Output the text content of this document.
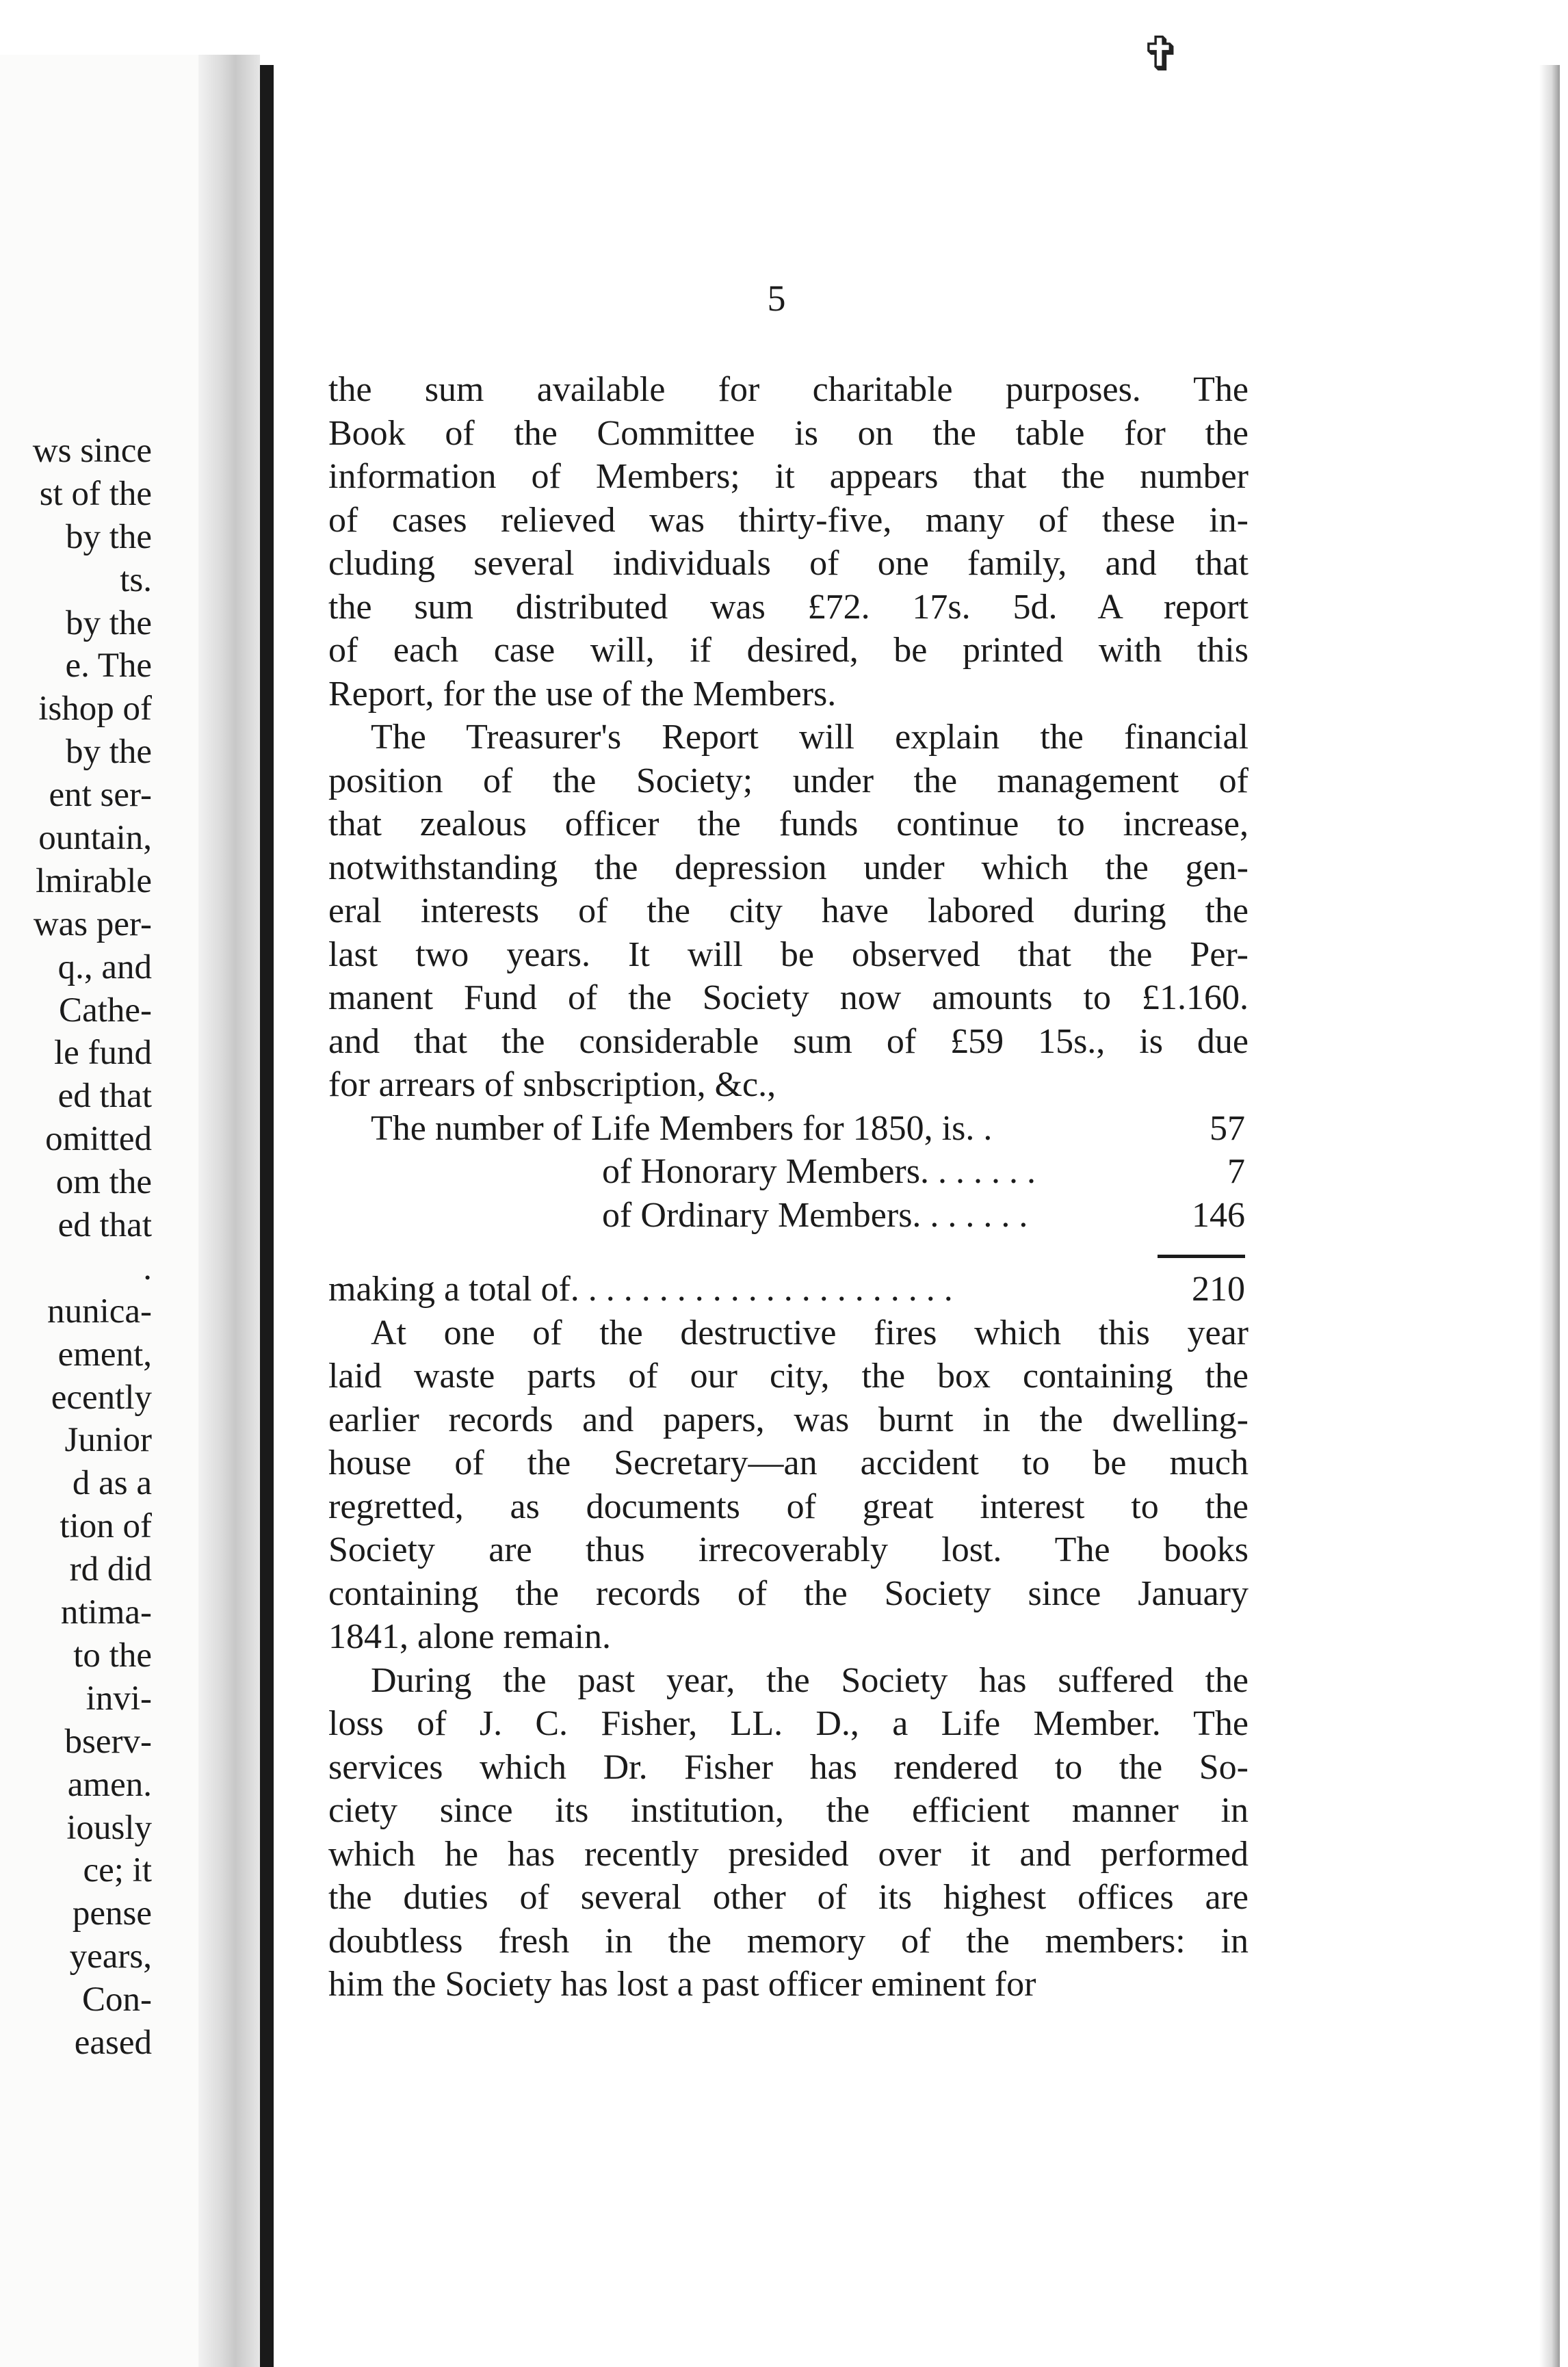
ws since
st of the
by the
ts.
by the
e. The
ishop of
by the
ent ser-
ountain,
lmirable
was per-
q., and
Cathe-
le fund
ed that
omitted
om the
ed that
.
nunica-
ement,
ecently
Junior
d as a
tion of
rd did
ntima-
to the
invi-
bserv-
amen.
iously
ce; it
pense
years,
Con-
eased
✞
5
the sum available for charitable purposes. The
Book of the Committee is on the table for the
information of Members; it appears that the number
of cases relieved was thirty-five, many of these in-
cluding several individuals of one family, and that
the sum distributed was £72. 17s. 5d. A report
of each case will, if desired, be printed with this
Report, for the use of the Members.
The Treasurer's Report will explain the financial
position of the Society; under the management of
that zealous officer the funds continue to increase,
notwithstanding the depression under which the gen-
eral interests of the city have labored during the
last two years. It will be observed that the Per-
manent Fund of the Society now amounts to £1.160.
and that the considerable sum of £59 15s., is due
for arrears of snbscription, &c.,
The number of Life Members for 1850, is. .	57
of Honorary Members. . . . . . .	7
of Ordinary Members. . . . . . .	146
making a total of. . . . . . . . . . . . . . . . . . . . . .	210
At one of the destructive fires which this year
laid waste parts of our city, the box containing the
earlier records and papers, was burnt in the dwelling-
house of the Secretary—an accident to be much
regretted, as documents of great interest to the
Society are thus irrecoverably lost. The books
containing the records of the Society since January
1841, alone remain.
During the past year, the Society has suffered the
loss of J. C. Fisher, LL. D., a Life Member. The
services which Dr. Fisher has rendered to the So-
ciety since its institution, the efficient manner in
which he has recently presided over it and performed
the duties of several other of its highest offices are
doubtless fresh in the memory of the members: in
him the Society has lost a past officer eminent for
